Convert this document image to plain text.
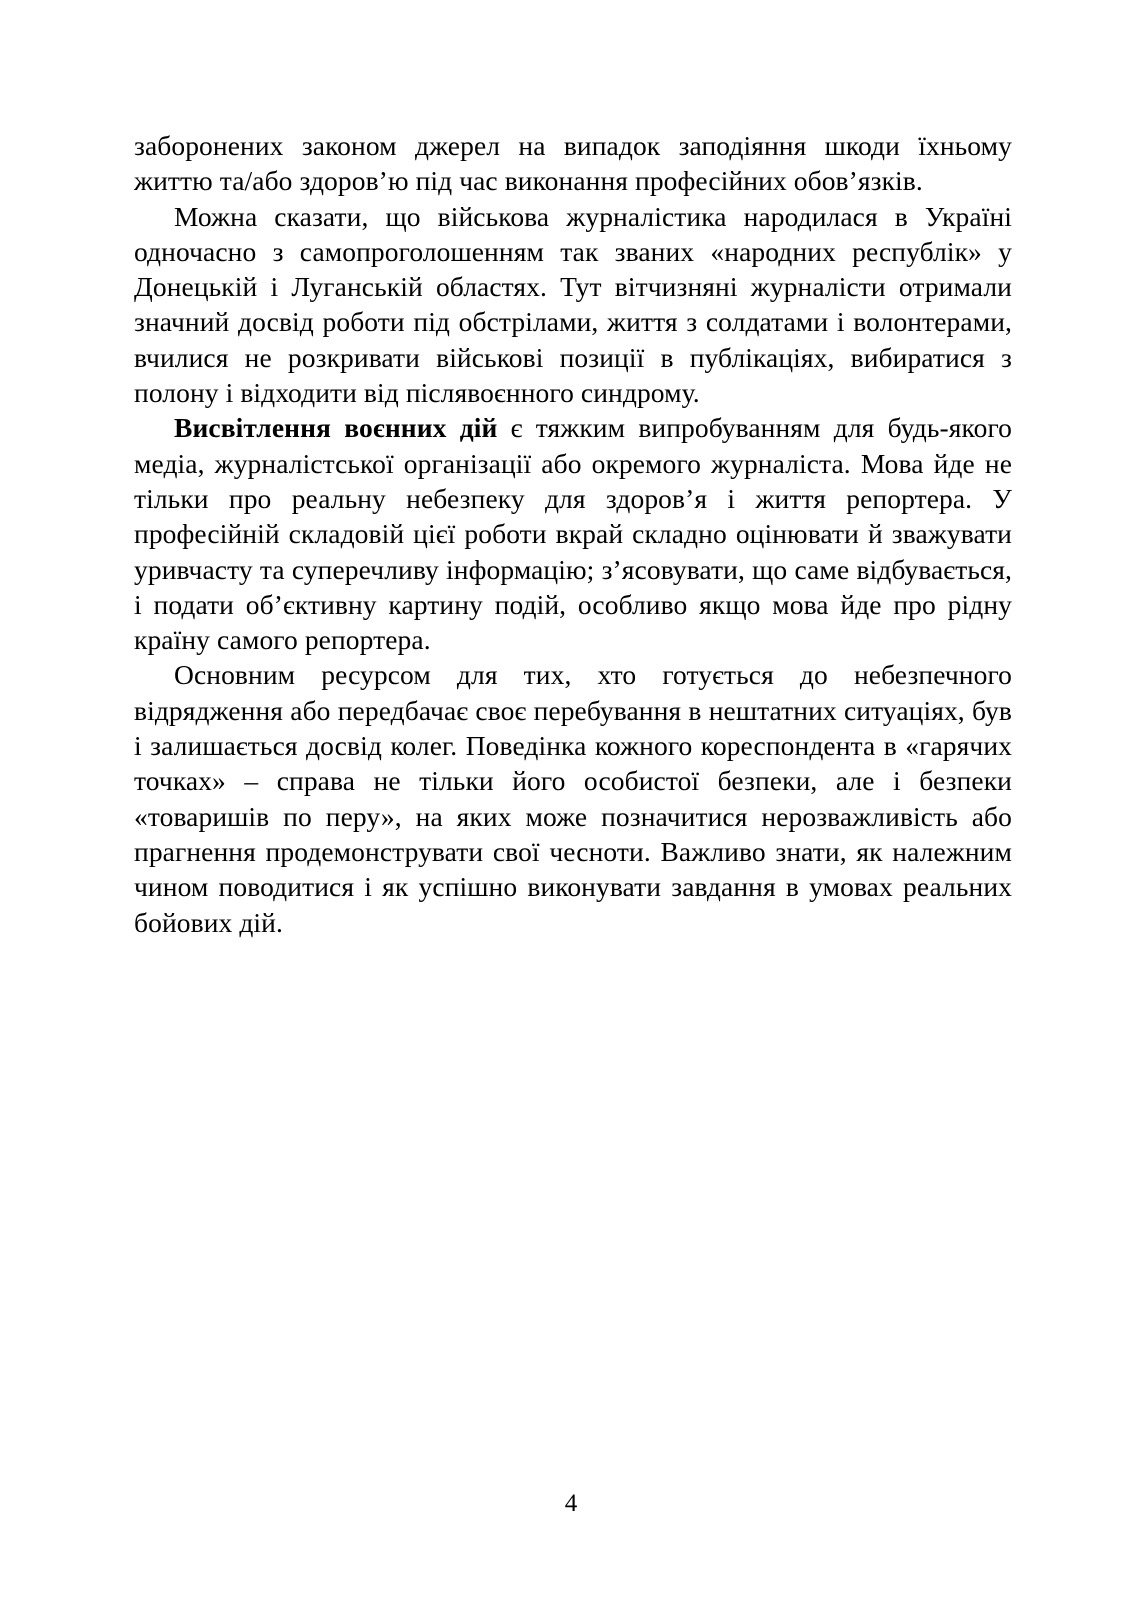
заборонених законом джерел на випадок заподіяння шкоди їхньому життю та/або здоров’ю під час виконання професійних обов’язків.

Можна сказати, що військова журналістика народилася в Україні одночасно з самопроголошенням так званих «народних республік» у Донецькій і Луганській областях. Тут вітчизняні журналісти отримали значний досвід роботи під обстрілами, життя з солдатами і волонтерами, вчилися не розкривати військові позиції в публікаціях, вибиратися з полону і відходити від післявоєнного синдрому.

Висвітлення воєнних дій є тяжким випробуванням для будь-якого медіа, журналістської організації або окремого журналіста. Мова йде не тільки про реальну небезпеку для здоров’я і життя репортера. У професійній складовій цієї роботи вкрай складно оцінювати й зважувати уривчасту та суперечливу інформацію; з’ясовувати, що саме відбувається, і подати об’єктивну картину подій, особливо якщо мова йде про рідну країну самого репортера.

Основним ресурсом для тих, хто готується до небезпечного відрядження або передбачає своє перебування в нештатних ситуаціях, був і залишається досвід колег. Поведінка кожного кореспондента в «гарячих точках» – справа не тільки його особистої безпеки, але і безпеки «товаришів по перу», на яких може позначитися нерозважливість або прагнення продемонструвати свої чесноти. Важливо знати, як належним чином поводитися і як успішно виконувати завдання в умовах реальних бойових дій.

4
